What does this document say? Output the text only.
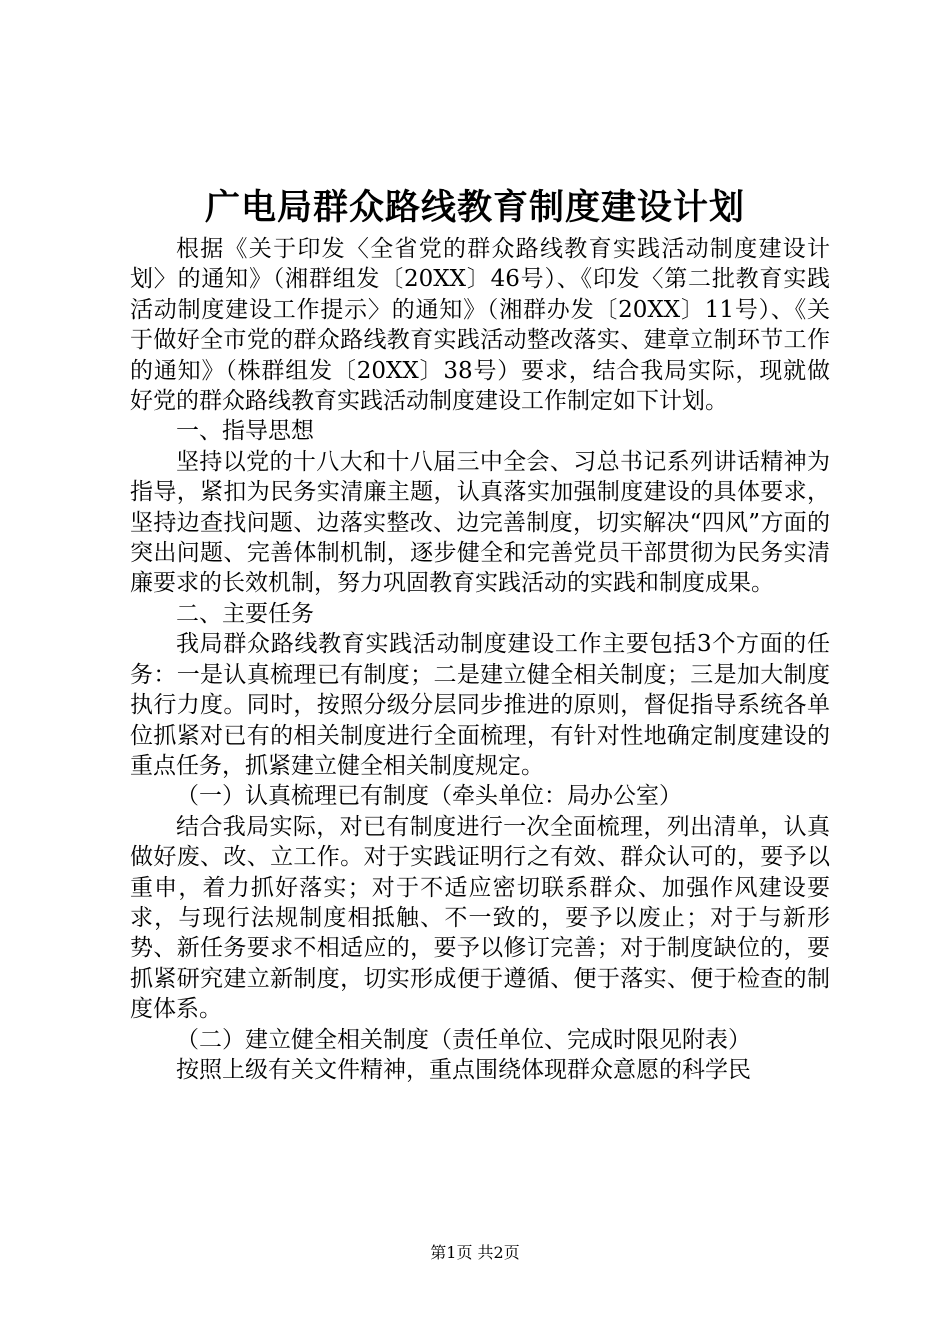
广电局群众路线教育制度建设计划

根据《关于印发〈全省党的群众路线教育实践活动制度建设计划〉的通知》（湘群组发〔20XX〕46号）、《印发〈第二批教育实践活动制度建设工作提示〉的通知》（湘群办发〔20XX〕11号）、《关于做好全市党的群众路线教育实践活动整改落实、建章立制环节工作的通知》（株群组发〔20XX〕38号）要求，结合我局实际，现就做好党的群众路线教育实践活动制度建设工作制定如下计划。

一、指导思想

坚持以党的十八大和十八届三中全会、习总书记系列讲话精神为指导，紧扣为民务实清廉主题，认真落实加强制度建设的具体要求，坚持边查找问题、边落实整改、边完善制度，切实解决“四风”方面的突出问题、完善体制机制，逐步健全和完善党员干部贯彻为民务实清廉要求的长效机制，努力巩固教育实践活动的实践和制度成果。

二、主要任务

我局群众路线教育实践活动制度建设工作主要包括3个方面的任务：一是认真梳理已有制度；二是建立健全相关制度；三是加大制度执行力度。同时，按照分级分层同步推进的原则，督促指导系统各单位抓紧对已有的相关制度进行全面梳理，有针对性地确定制度建设的重点任务，抓紧建立健全相关制度规定。

（一）认真梳理已有制度（牵头单位：局办公室）

结合我局实际，对已有制度进行一次全面梳理，列出清单，认真做好废、改、立工作。对于实践证明行之有效、群众认可的，要予以重申，着力抓好落实；对于不适应密切联系群众、加强作风建设要求，与现行法规制度相抵触、不一致的，要予以废止；对于与新形势、新任务要求不相适应的，要予以修订完善；对于制度缺位的，要抓紧研究建立新制度，切实形成便于遵循、便于落实、便于检查的制度体系。

（二）建立健全相关制度（责任单位、完成时限见附表）

按照上级有关文件精神，重点围绕体现群众意愿的科学民

第1页 共2页
